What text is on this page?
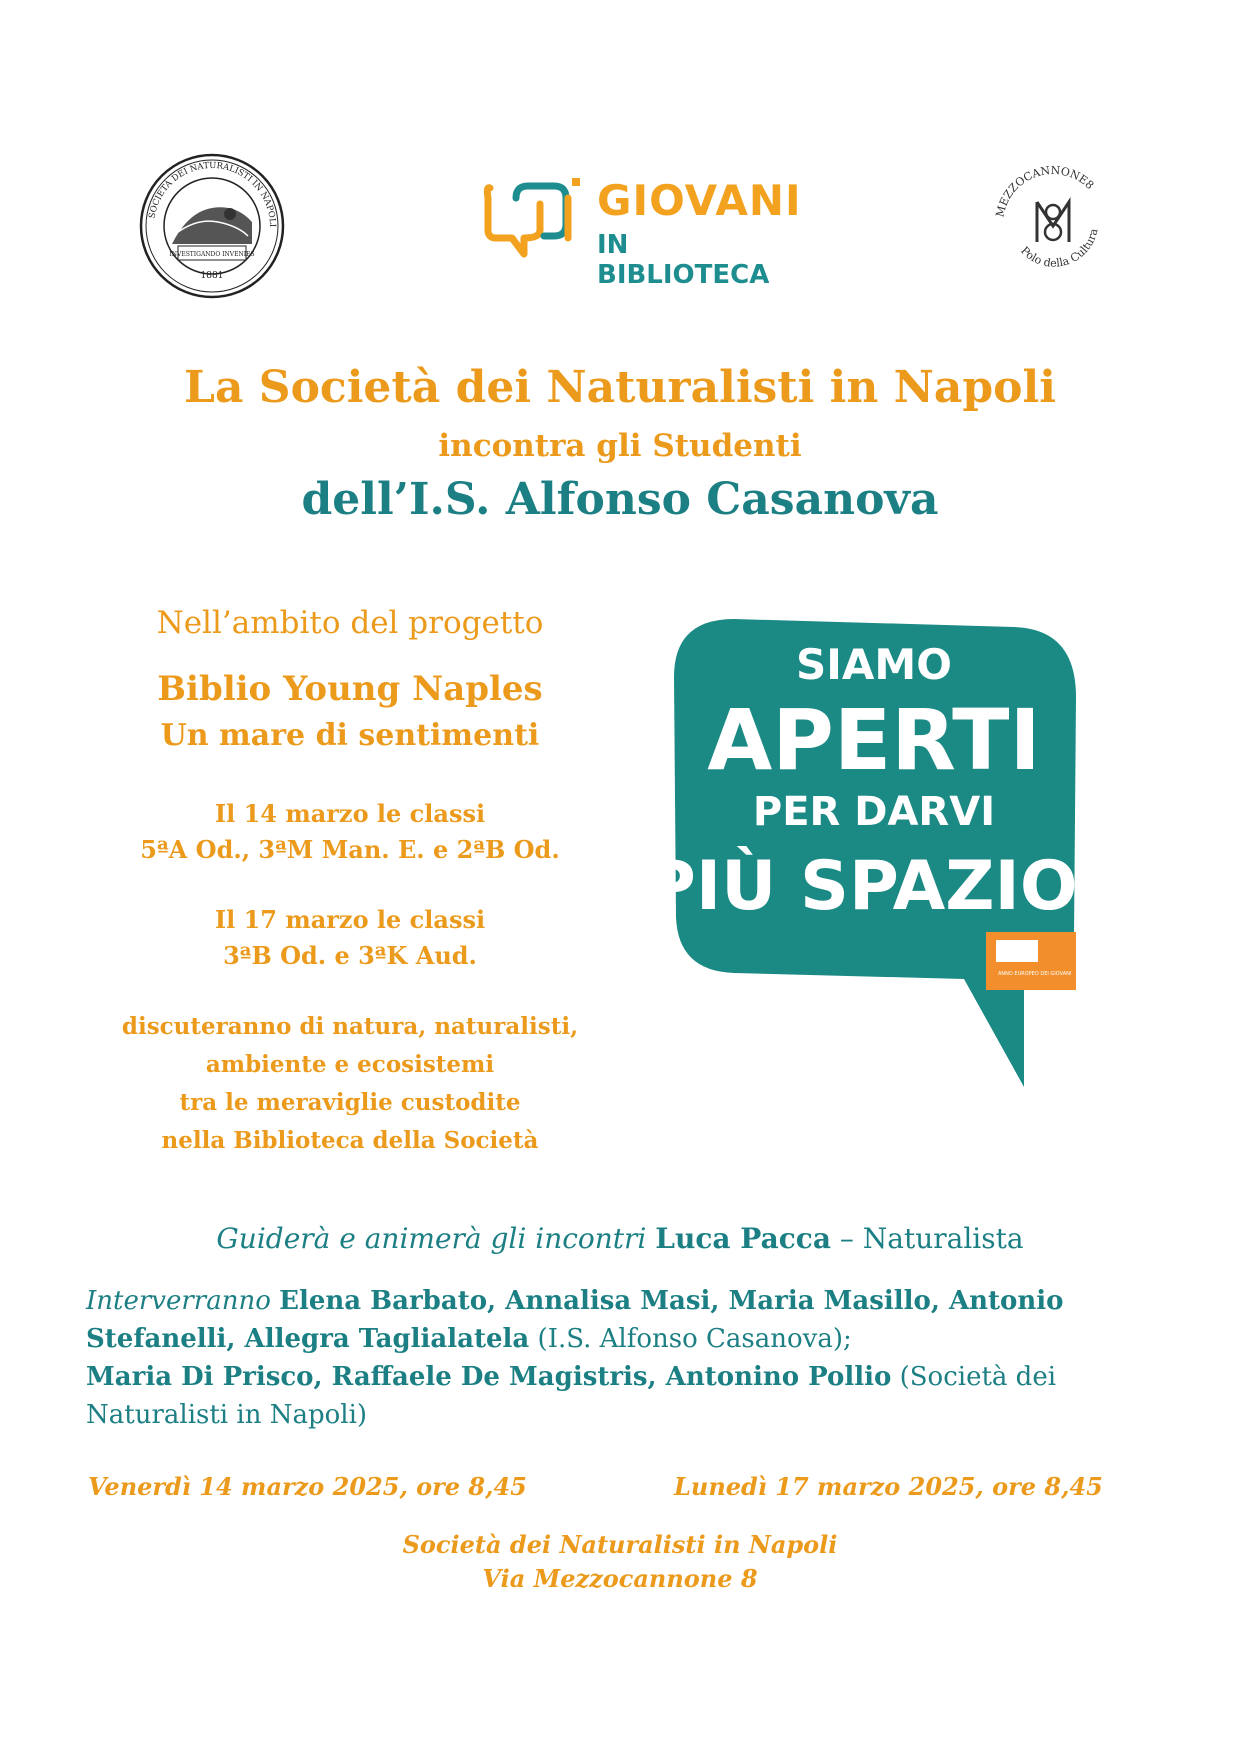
SOCIETÀ DEI NATURALISTI IN NAPOLI
INVESTIGANDO INVENIES
1881
GIOVANI
IN BIBLIOTECA
MEZZOCANNONE8
Polo della Cultura
La Società dei Naturalisti in Napoli
incontra gli Studenti
dell’I.S. Alfonso Casanova
Nell’ambito del progetto
Biblio Young Naples
Un mare di sentimenti
Il 14 marzo le classi
5ªA Od., 3ªM Man. E. e 2ªB Od.
Il 17 marzo le classi
3ªB Od. e 3ªK Aud.
discuteranno di natura, naturalisti,
ambiente e ecosistemi
tra le meraviglie custodite
nella Biblioteca della Società
SIAMO
APERTI
PER DARVI
PIÙ SPAZIO.
ANNO EUROPEO DEI GIOVANI
Guiderà e animerà gli incontri Luca Pacca – Naturalista
Interverranno Elena Barbato, Annalisa Masi, Maria Masillo, Antonio Stefanelli, Allegra Taglialatela (I.S. Alfonso Casanova);
Maria Di Prisco, Raffaele De Magistris, Antonino Pollio (Società dei Naturalisti in Napoli)
Venerdì 14 marzo 2025, ore 8,45	Lunedì 17 marzo 2025, ore 8,45
Società dei Naturalisti in Napoli
Via Mezzocannone 8
